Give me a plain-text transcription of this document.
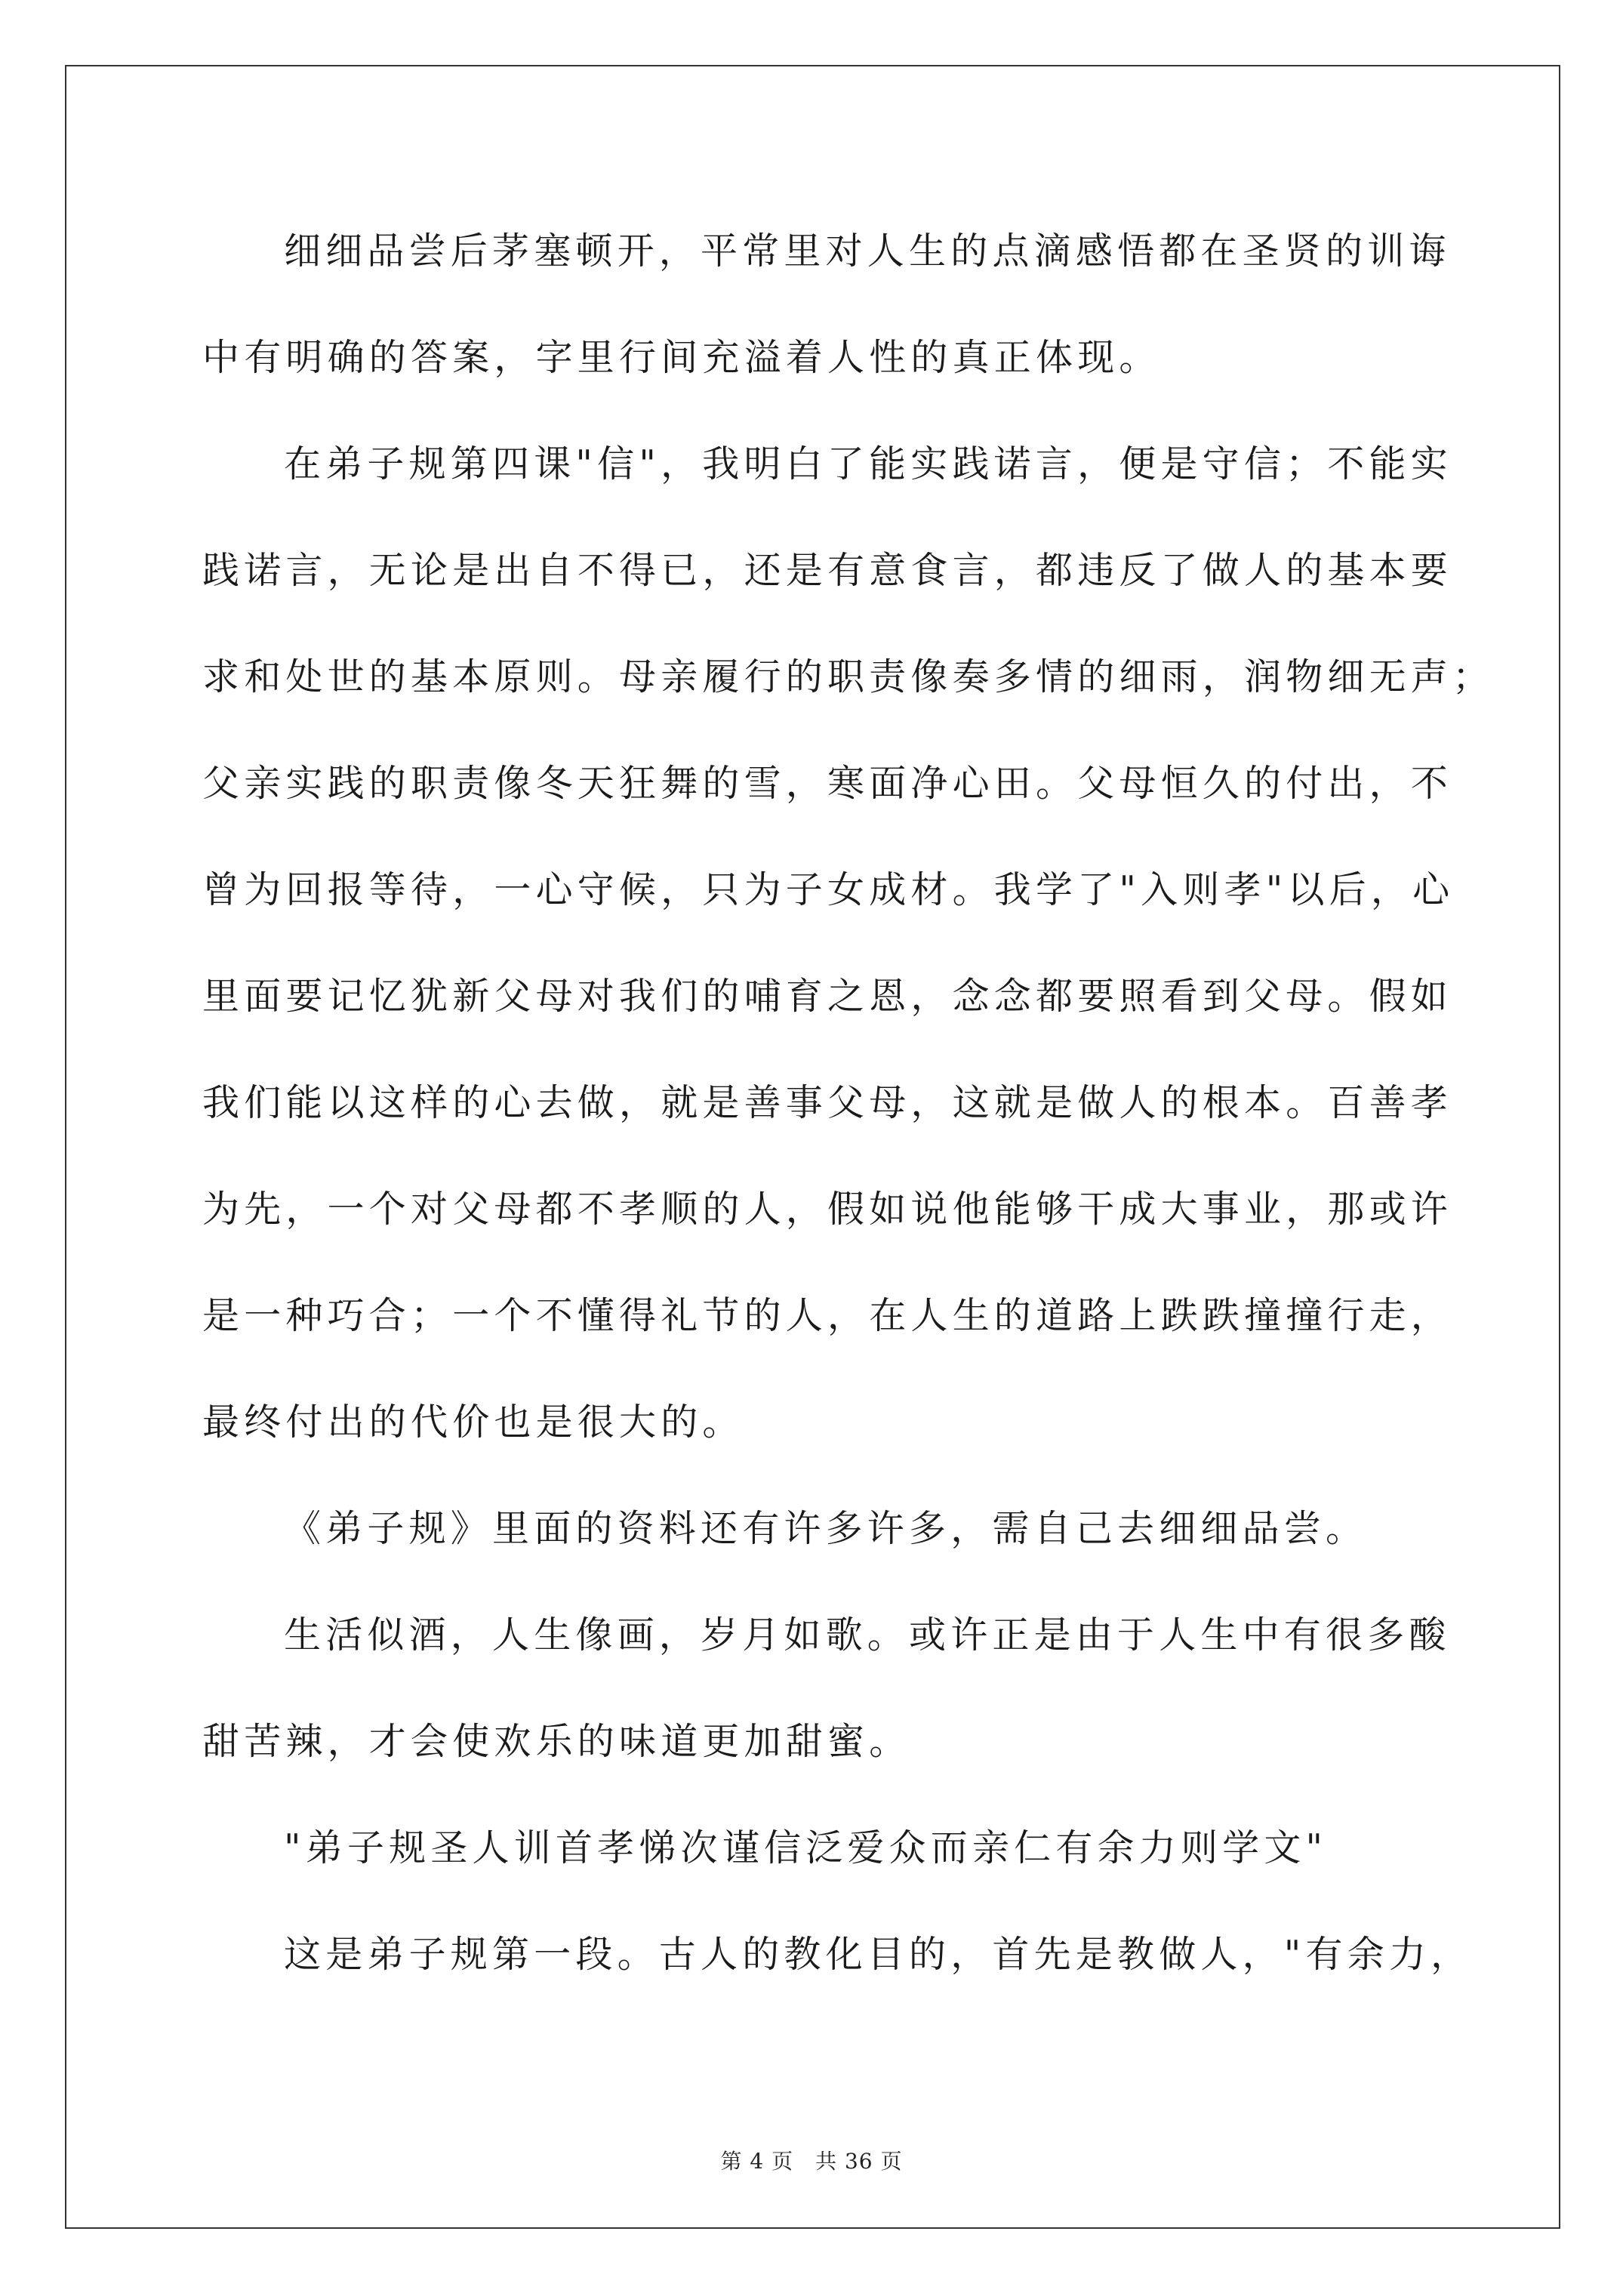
细细品尝后茅塞顿开，平常里对人生的点滴感悟都在圣贤的训诲
中有明确的答案，字里行间充溢着人性的真正体现。
在弟子规第四课"信"，我明白了能实践诺言，便是守信；不能实
践诺言，无论是出自不得已，还是有意食言，都违反了做人的基本要
求和处世的基本原则。母亲履行的职责像奏多情的细雨，润物细无声；
父亲实践的职责像冬天狂舞的雪，寒面净心田。父母恒久的付出，不
曾为回报等待，一心守候，只为子女成材。我学了"入则孝"以后，心
里面要记忆犹新父母对我们的哺育之恩，念念都要照看到父母。假如
我们能以这样的心去做，就是善事父母，这就是做人的根本。百善孝
为先，一个对父母都不孝顺的人，假如说他能够干成大事业，那或许
是一种巧合；一个不懂得礼节的人，在人生的道路上跌跌撞撞行走，
最终付出的代价也是很大的。
《弟子规》里面的资料还有许多许多，需自己去细细品尝。
生活似酒，人生像画，岁月如歌。或许正是由于人生中有很多酸
甜苦辣，才会使欢乐的味道更加甜蜜。
"弟子规圣人训首孝悌次谨信泛爱众而亲仁有余力则学文"
这是弟子规第一段。古人的教化目的，首先是教做人，"有余力，
第 4 页　共 36 页
